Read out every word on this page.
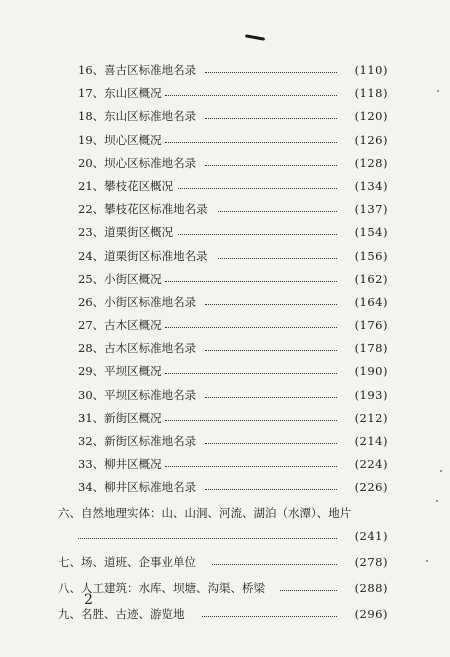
16、喜古区标准地名录	(110)
17、东山区概况	(118)
18、东山区标准地名录	(120)
19、坝心区概况	(126)
20、坝心区标准地名录	(128)
21、攀枝花区概况	(134)
22、攀枝花区标准地名录	(137)
23、道栗街区概况	(154)
24、道栗街区标准地名录	(156)
25、小街区概况	(162)
26、小街区标准地名录	(164)
27、古木区概况	(176)
28、古木区标准地名录	(178)
29、平坝区概况	(190)
30、平坝区标准地名录	(193)
31、新街区概况	(212)
32、新街区标准地名录	(214)
33、柳井区概况	(224)
34、柳井区标准地名录	(226)
六、自然地理实体：山、山洞、河流、湖泊（水潭）、地片
(241)
七、场、道班、企事业单位	(278)
八、人工建筑：水库、坝塘、沟渠、桥梁	(288)
九、名胜、古迹、游览地	(296)
2
